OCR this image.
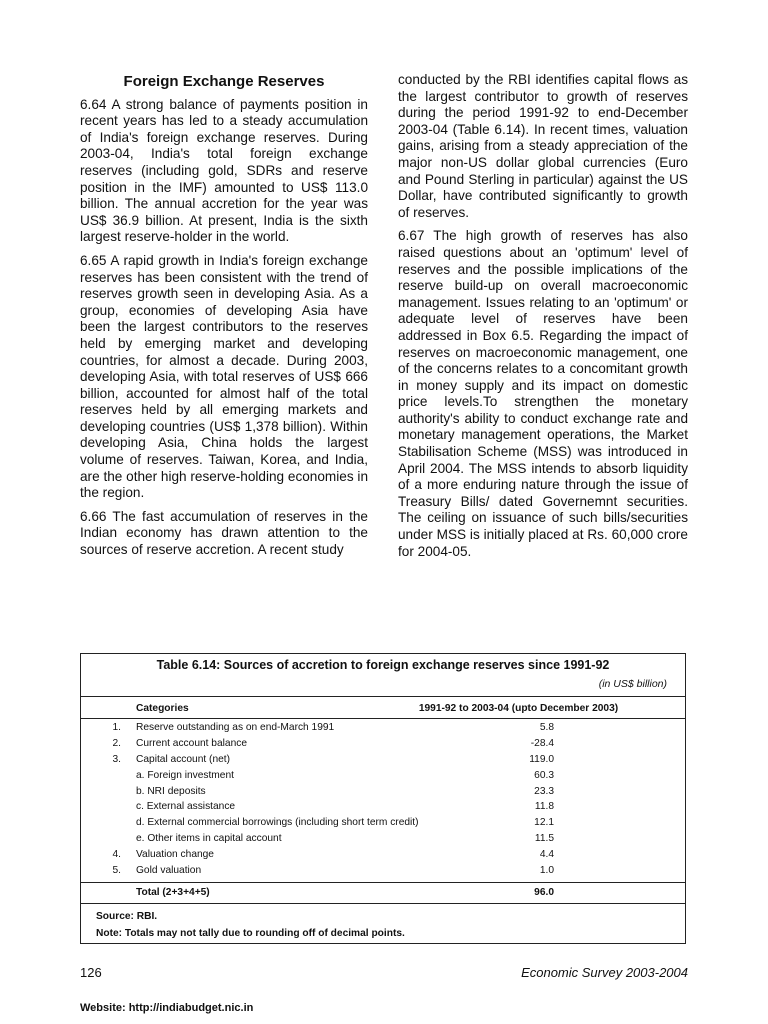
Foreign Exchange Reserves

6.64 A strong balance of payments position in recent years has led to a steady accumulation of India's foreign exchange reserves. During 2003-04, India's total foreign exchange reserves (including gold, SDRs and reserve position in the IMF) amounted to US$ 113.0 billion. The annual accretion for the year was US$ 36.9 billion. At present, India is the sixth largest reserve-holder in the world.

6.65 A rapid growth in India's foreign exchange reserves has been consistent with the trend of reserves growth seen in developing Asia. As a group, economies of developing Asia have been the largest contributors to the reserves held by emerging market and developing countries, for almost a decade. During 2003, developing Asia, with total reserves of US$ 666 billion, accounted for almost half of the total reserves held by all emerging markets and developing countries (US$ 1,378 billion). Within developing Asia, China holds the largest volume of reserves. Taiwan, Korea, and India, are the other high reserve-holding economies in the region.

6.66 The fast accumulation of reserves in the Indian economy has drawn attention to the sources of reserve accretion. A recent study

conducted by the RBI identifies capital flows as the largest contributor to growth of reserves during the period 1991-92 to end-December 2003-04 (Table 6.14). In recent times, valuation gains, arising from a steady appreciation of the major non-US dollar global currencies (Euro and Pound Sterling in particular) against the US Dollar, have contributed significantly to growth of reserves.

6.67 The high growth of reserves has also raised questions about an 'optimum' level of reserves and the possible implications of the reserve build-up on overall macroeconomic management. Issues relating to an 'optimum' or adequate level of reserves have been addressed in Box 6.5. Regarding the impact of reserves on macroeconomic management, one of the concerns relates to a concomitant growth in money supply and its impact on domestic price levels.To strengthen the monetary authority's ability to conduct exchange rate and monetary management operations, the Market Stabilisation Scheme (MSS) was introduced in April 2004. The MSS intends to absorb liquidity of a more enduring nature through the issue of Treasury Bills/ dated Governemnt securities. The ceiling on issuance of such bills/securities under MSS is initially placed at Rs. 60,000 crore for 2004-05.

Table 6.14: Sources of accretion to foreign exchange reserves since 1991-92
(in US$ billion)
Categories	1991-92 to 2003-04 (upto December 2003)
1. Reserve outstanding as on end-March 1991	5.8
2. Current account balance	-28.4
3. Capital account (net)	119.0
a. Foreign investment	60.3
b. NRI deposits	23.3
c. External assistance	11.8
d. External commercial borrowings (including short term credit)	12.1
e. Other items in capital account	11.5
4. Valuation change	4.4
5. Gold valuation	1.0
Total (2+3+4+5)	96.0
Source: RBI.
Note: Totals may not tally due to rounding off of decimal points.
126	Economic Survey 2003-2004
Website: http://indiabudget.nic.in
